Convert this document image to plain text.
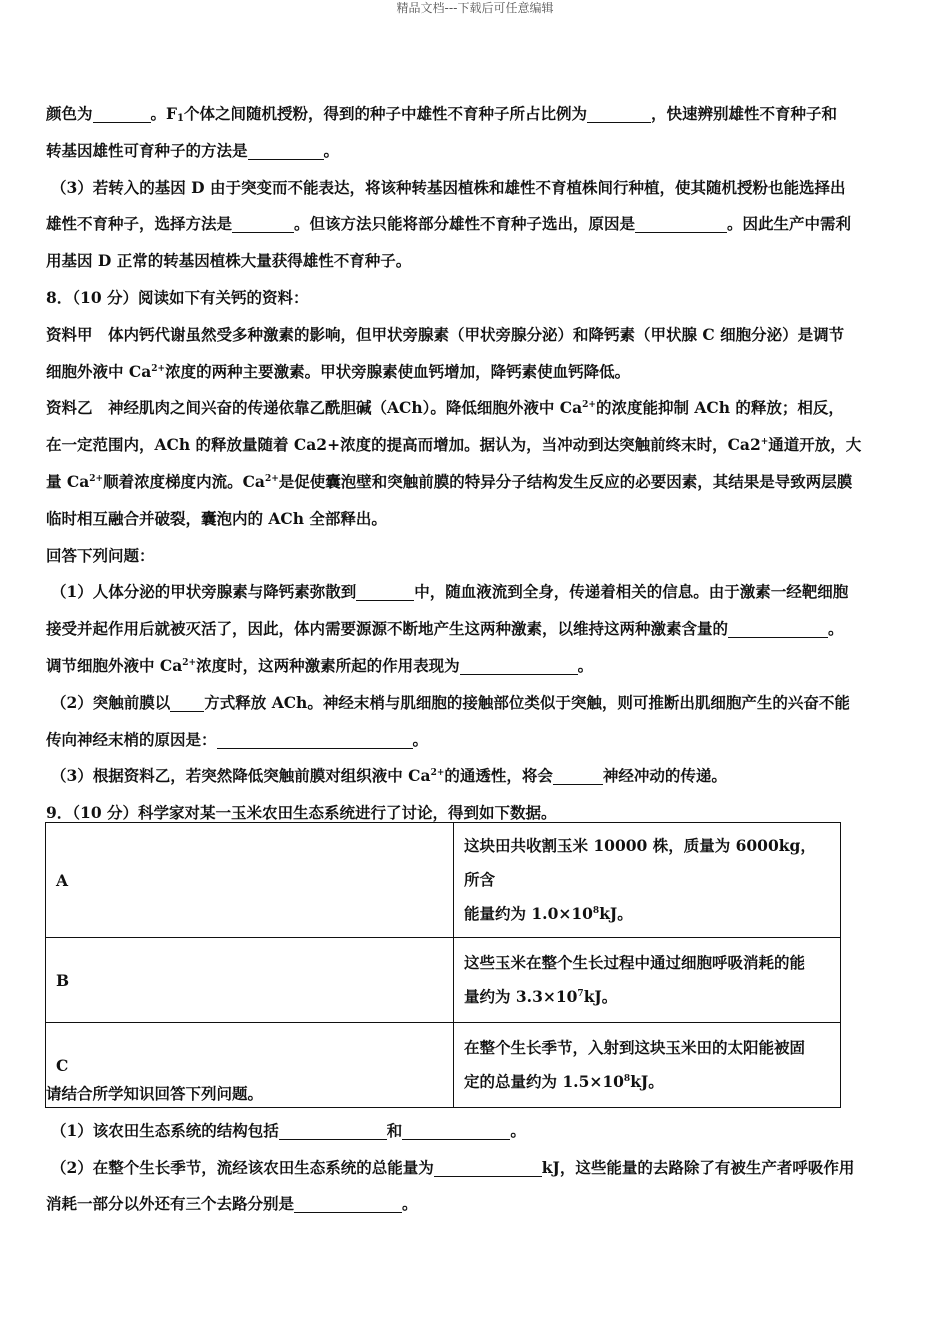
精品文档---下载后可任意编辑
颜色为	。$F_1$个体之间随机授粉，得到的种子中雄性不育种子所占比例为	，快速辨别雄性不育种子和
转基因雄性可育种子的方法是	。
（3）若转入的基因 D 由于突变而不能表达，将该种转基因植株和雄性不育植株间行种植，使其随机授粉也能选择出
雄性不育种子，选择方法是	。但该方法只能将部分雄性不育种子选出，原因是	。因此生产中需利
用基因 D 正常的转基因植株大量获得雄性不育种子。
8．（10 分）阅读如下有关钙的资料：
资料甲　体内钙代谢虽然受多种激素的影响，但甲状旁腺素（甲状旁腺分泌）和降钙素（甲状腺 C 细胞分泌）是调节
细胞外液中 $Ca^{2+}$浓度的两种主要激素。甲状旁腺素使血钙增加，降钙素使血钙降低。
资料乙　神经肌肉之间兴奋的传递依靠乙酰胆碱（ACh）。降低细胞外液中 $Ca^{2+}$的浓度能抑制 ACh 的释放；相反，
在一定范围内，ACh 的释放量随着 Ca2+浓度的提高而增加。据认为，当冲动到达突触前终末时，Ca2+通道开放，大
量 $Ca^{2+}$顺着浓度梯度内流。$Ca^{2+}$是促使囊泡壁和突触前膜的特异分子结构发生反应的必要因素，其结果是导致两层膜
临时相互融合并破裂，囊泡内的 ACh 全部释出。
回答下列问题：
（1）人体分泌的甲状旁腺素与降钙素弥散到	中，随血液流到全身，传递着相关的信息。由于激素一经靶细胞
接受并起作用后就被灭活了，因此，体内需要源源不断地产生这两种激素，以维持这两种激素含量的	。
调节细胞外液中 $Ca^{2+}$浓度时，这两种激素所起的作用表现为	。
（2）突触前膜以 方式释放 ACh。神经末梢与肌细胞的接触部位类似于突触，则可推断出肌细胞产生的兴奋不能
传向神经末梢的原因是：	。
（3）根据资料乙，若突然降低突触前膜对组织液中 $Ca^{2+}$的通透性，将会	神经冲动的传递。
9．（10 分）科学家对某一玉米农田生态系统进行了讨论，得到如下数据。
A	这块田共收割玉米 10000 株，质量为 6000kg，所含
能量约为 $1.0\times 10^8kJ$。

B	这些玉米在整个生长过程中通过细胞呼吸消耗的能
量约为 $3.3\times 10^7kJ$。

C	在整个生长季节，入射到这块玉米田的太阳能被固
定的总量约为 $1.5\times 10^8kJ$。
请结合所学知识回答下列问题。
（1）该农田生态系统的结构包括	和	。
（2）在整个生长季节，流经该农田生态系统的总能量为	kJ，这些能量的去路除了有被生产者呼吸作用
消耗一部分以外还有三个去路分别是	。
